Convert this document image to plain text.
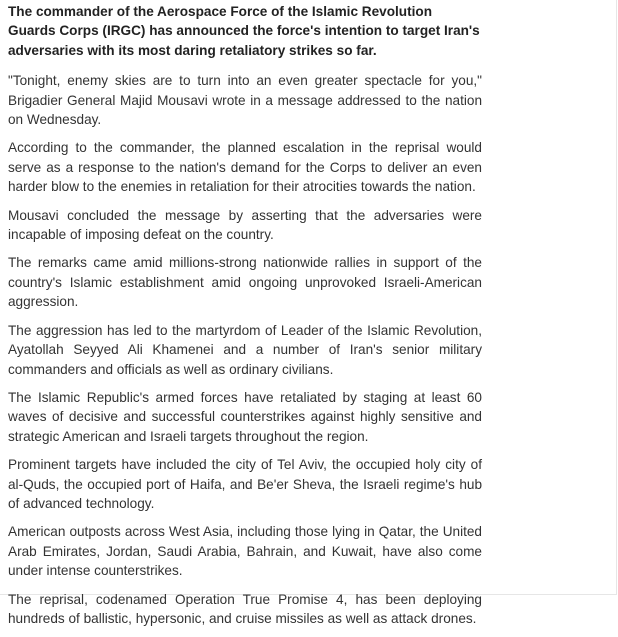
The commander of the Aerospace Force of the Islamic Revolution Guards Corps (IRGC) has announced the force's intention to target Iran's adversaries with its most daring retaliatory strikes so far.

"Tonight, enemy skies are to turn into an even greater spectacle for you," Brigadier General Majid Mousavi wrote in a message addressed to the nation on Wednesday.

According to the commander, the planned escalation in the reprisal would serve as a response to the nation's demand for the Corps to deliver an even harder blow to the enemies in retaliation for their atrocities towards the nation.

Mousavi concluded the message by asserting that the adversaries were incapable of imposing defeat on the country.

The remarks came amid millions-strong nationwide rallies in support of the country's Islamic establishment amid ongoing unprovoked Israeli-American aggression.

The aggression has led to the martyrdom of Leader of the Islamic Revolution, Ayatollah Seyyed Ali Khamenei and a number of Iran's senior military commanders and officials as well as ordinary civilians.

The Islamic Republic's armed forces have retaliated by staging at least 60 waves of decisive and successful counterstrikes against highly sensitive and strategic American and Israeli targets throughout the region.

Prominent targets have included the city of Tel Aviv, the occupied holy city of al-Quds, the occupied port of Haifa, and Be'er Sheva, the Israeli regime's hub of advanced technology.

American outposts across West Asia, including those lying in Qatar, the United Arab Emirates, Jordan, Saudi Arabia, Bahrain, and Kuwait, have also come under intense counterstrikes.

The reprisal, codenamed Operation True Promise 4, has been deploying hundreds of ballistic, hypersonic, and cruise missiles as well as attack drones.
